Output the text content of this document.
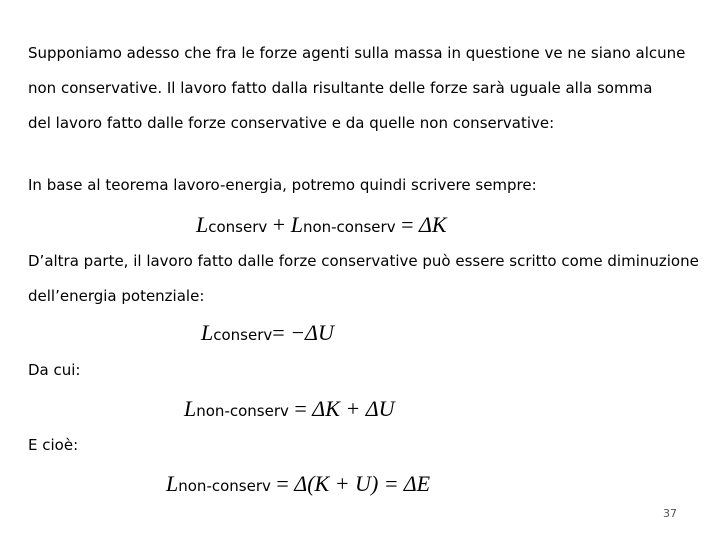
Supponiamo adesso che fra le forze agenti sulla massa in questione ve ne siano alcune
non conservative. Il lavoro fatto dalla risultante delle forze sarà uguale alla somma
del lavoro fatto dalle forze conservative e da quelle non conservative:
In base al teorema lavoro-energia, potremo quindi scrivere sempre:
Lconserv + Lnon-conserv = ΔK
D’altra parte, il lavoro fatto dalle forze conservative può essere scritto come diminuzione
dell’energia potenziale:
Lconserv= −ΔU
Da cui:
Lnon-conserv = ΔK + ΔU
E cioè:
Lnon-conserv = Δ(K + U) = ΔE
37
